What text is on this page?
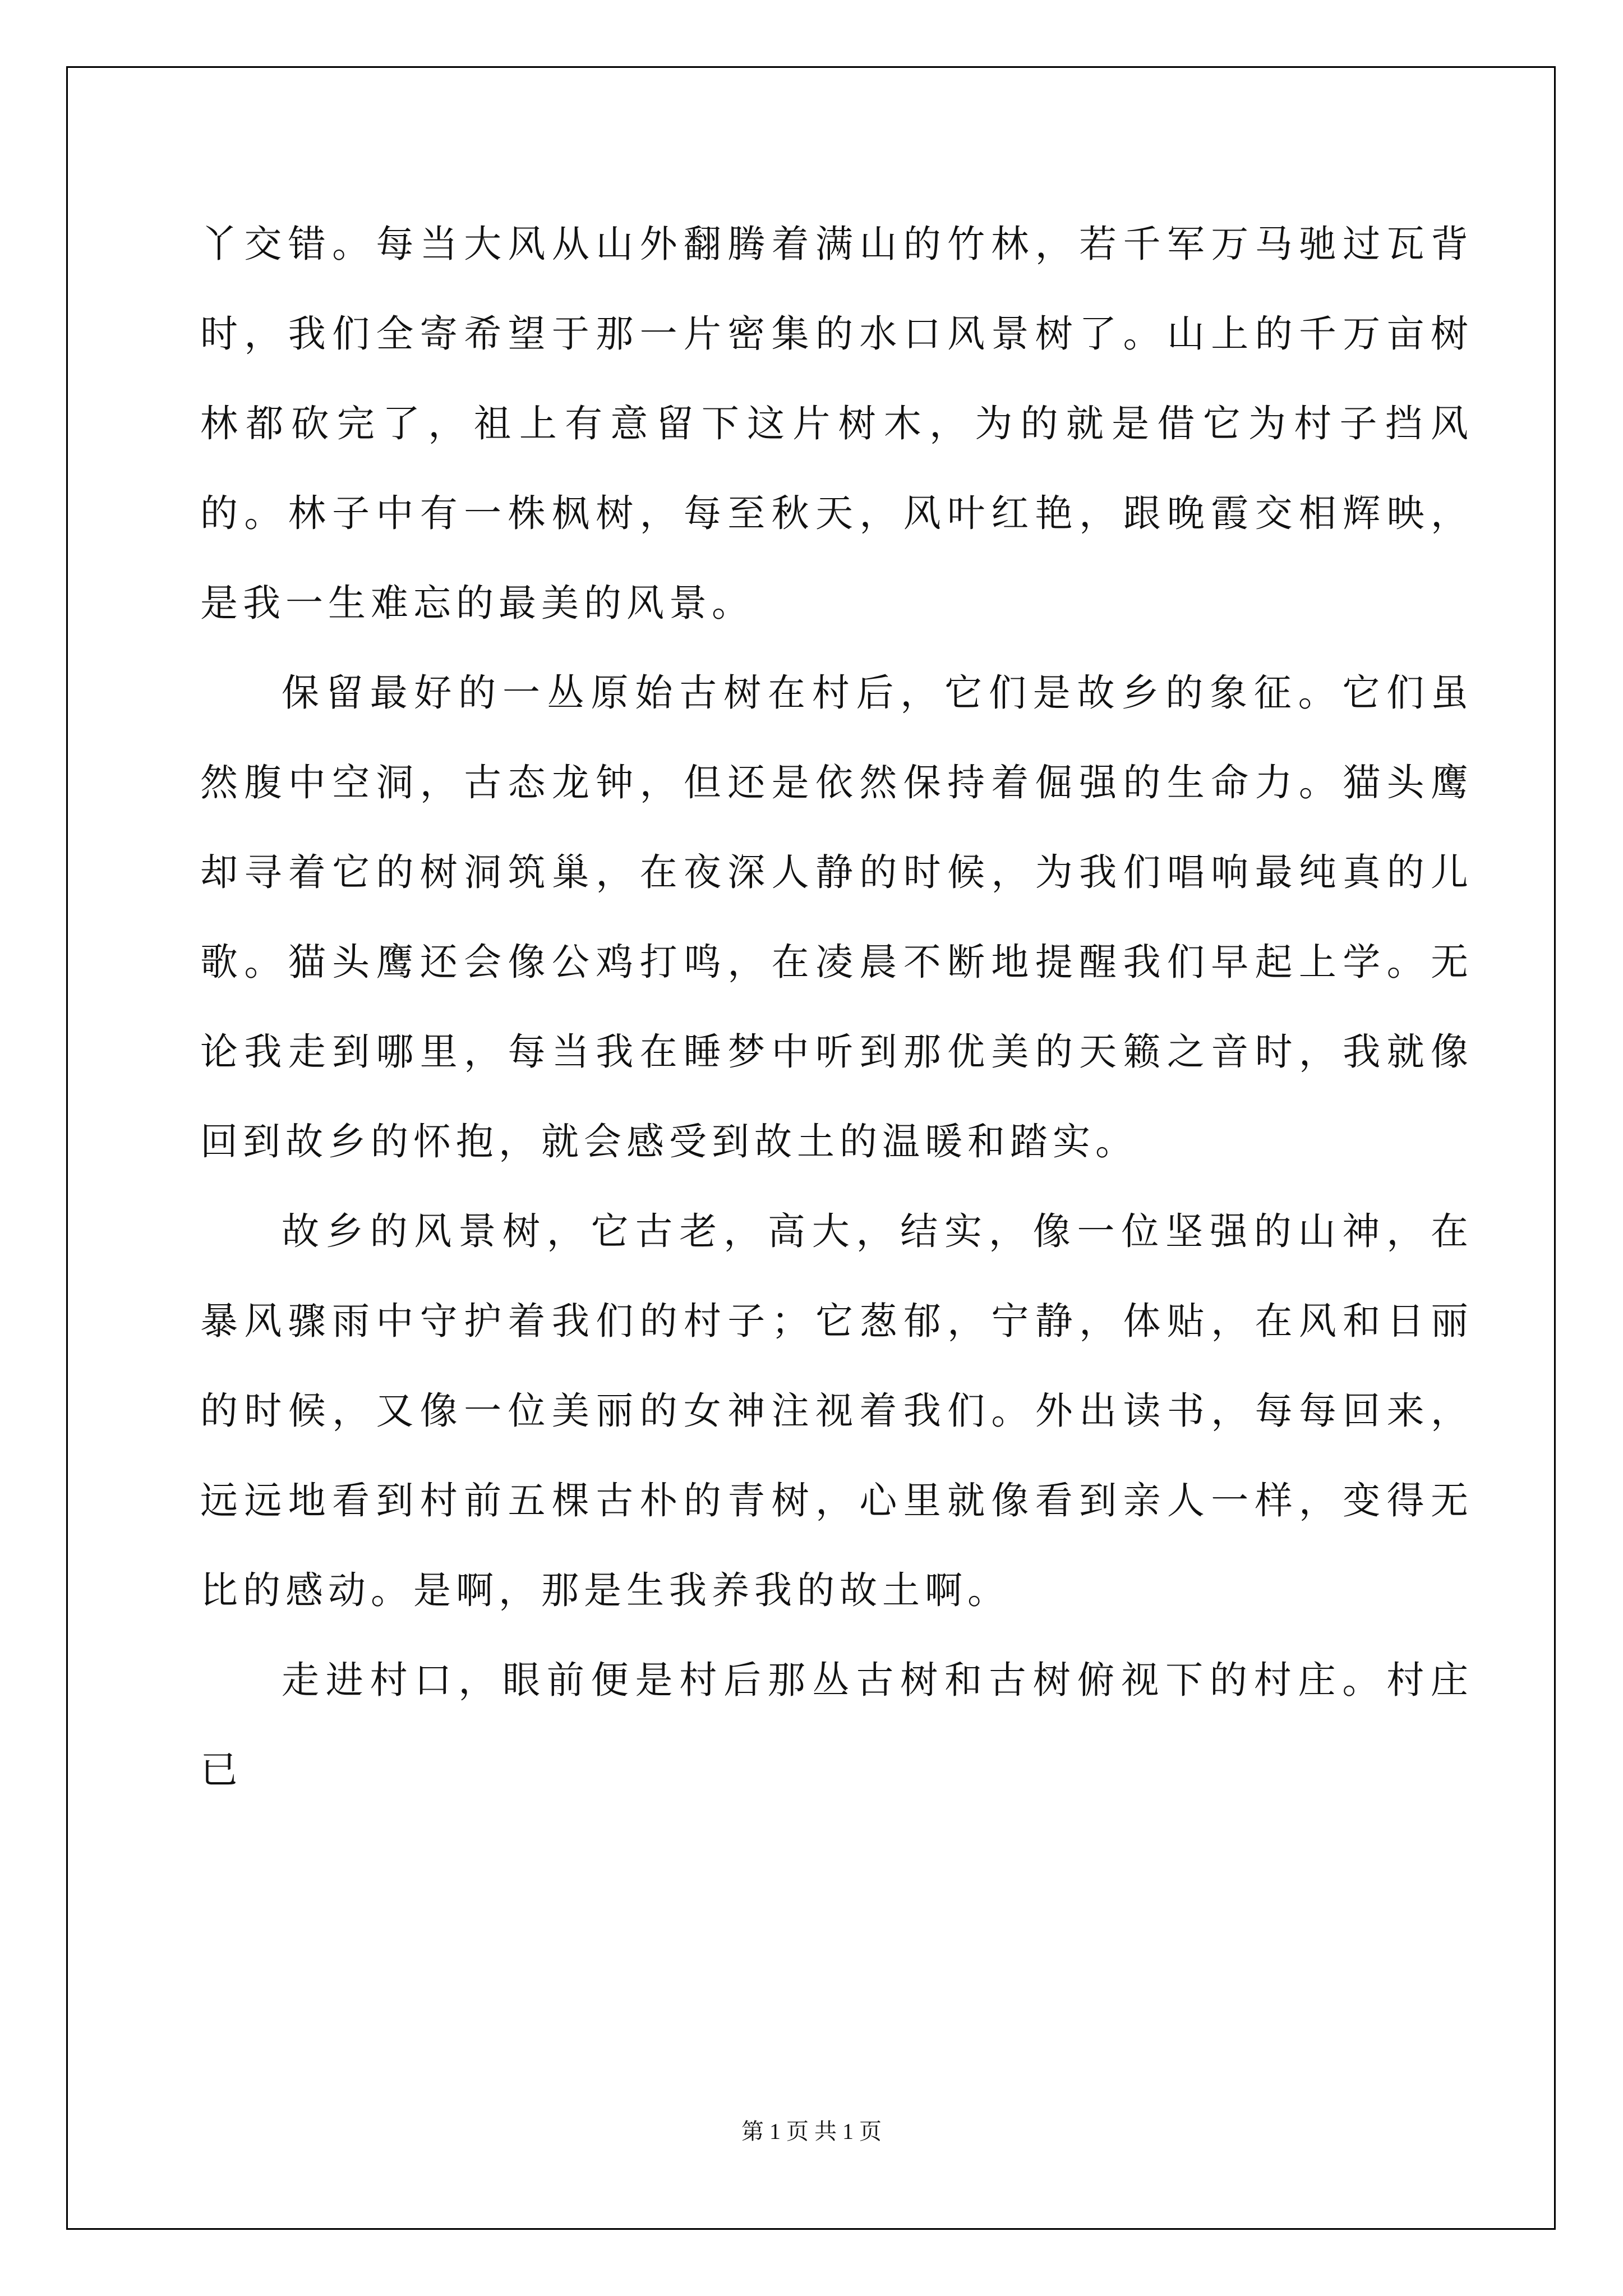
丫交错。每当大风从山外翻腾着满山的竹林，若千军万马驰过瓦背时，我们全寄希望于那一片密集的水口风景树了。山上的千万亩树林都砍完了，祖上有意留下这片树木，为的就是借它为村子挡风的。林子中有一株枫树，每至秋天，风叶红艳，跟晚霞交相辉映，是我一生难忘的最美的风景。

保留最好的一丛原始古树在村后，它们是故乡的象征。它们虽然腹中空洞，古态龙钟，但还是依然保持着倔强的生命力。猫头鹰却寻着它的树洞筑巢，在夜深人静的时候，为我们唱响最纯真的儿歌。猫头鹰还会像公鸡打鸣，在凌晨不断地提醒我们早起上学。无论我走到哪里，每当我在睡梦中听到那优美的天籁之音时，我就像回到故乡的怀抱，就会感受到故土的温暖和踏实。

故乡的风景树，它古老，高大，结实，像一位坚强的山神，在暴风骤雨中守护着我们的村子；它葱郁，宁静，体贴，在风和日丽的时候，又像一位美丽的女神注视着我们。外出读书，每每回来，远远地看到村前五棵古朴的青树，心里就像看到亲人一样，变得无比的感动。是啊，那是生我养我的故土啊。

走进村口，眼前便是村后那丛古树和古树俯视下的村庄。村庄已

第 1 页 共 1 页
